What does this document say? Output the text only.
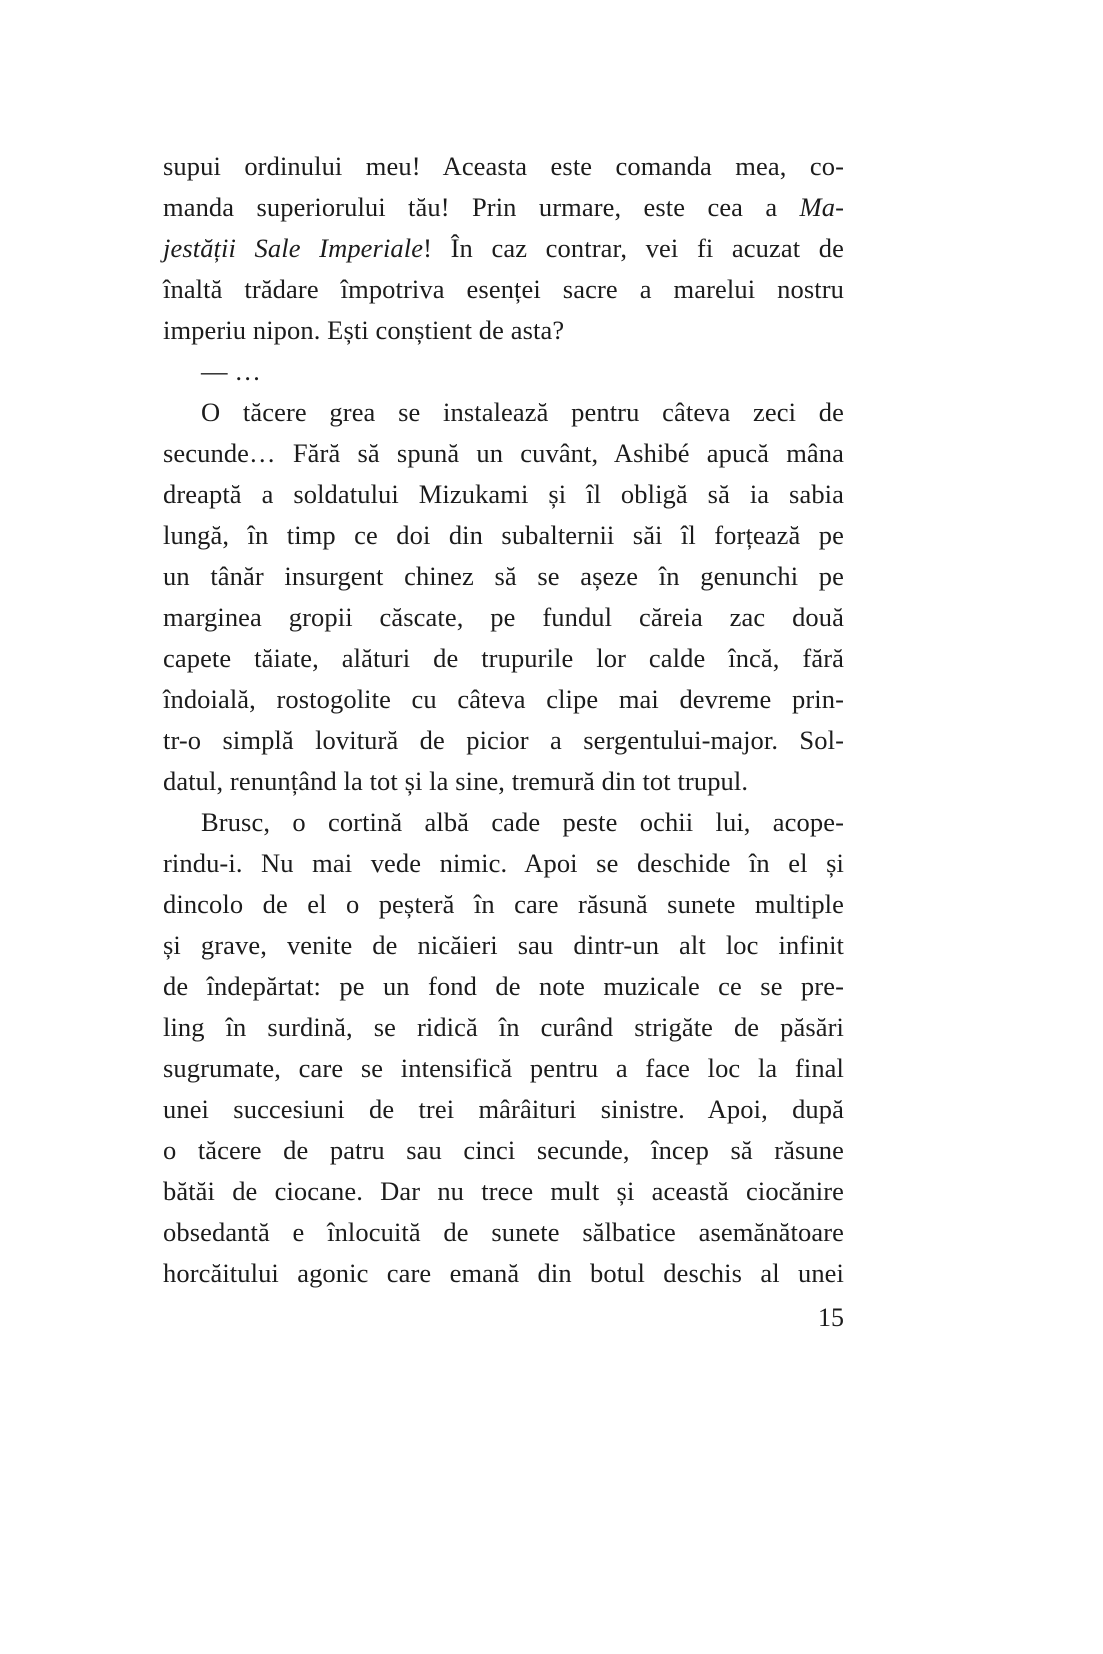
supui ordinului meu! Aceasta este comanda mea, co-
manda superiorului tău! Prin urmare, este cea a Ma-
jestății Sale Imperiale! În caz contrar, vei fi acuzat de
înaltă trădare împotriva esenței sacre a marelui nostru
imperiu nipon. Ești conștient de asta?
— …
O tăcere grea se instalează pentru câteva zeci de
secunde… Fără să spună un cuvânt, Ashibé apucă mâna
dreaptă a soldatului Mizukami și îl obligă să ia sabia
lungă, în timp ce doi din subalternii săi îl forțează pe
un tânăr insurgent chinez să se așeze în genunchi pe
marginea gropii căscate, pe fundul căreia zac două
capete tăiate, alături de trupurile lor calde încă, fără
îndoială, rostogolite cu câteva clipe mai devreme prin-
tr-o simplă lovitură de picior a sergentului-major. Sol-
datul, renunțând la tot și la sine, tremură din tot trupul.
Brusc, o cortină albă cade peste ochii lui, acope-
rindu-i. Nu mai vede nimic. Apoi se deschide în el și
dincolo de el o peșteră în care răsună sunete multiple
și grave, venite de nicăieri sau dintr-un alt loc infinit
de îndepărtat: pe un fond de note muzicale ce se pre-
ling în surdină, se ridică în curând strigăte de păsări
sugrumate, care se intensifică pentru a face loc la final
unei succesiuni de trei mârâituri sinistre. Apoi, după
o tăcere de patru sau cinci secunde, încep să răsune
bătăi de ciocane. Dar nu trece mult și această ciocănire
obsedantă e înlocuită de sunete sălbatice asemănătoare
horcăitului agonic care emană din botul deschis al unei
15
